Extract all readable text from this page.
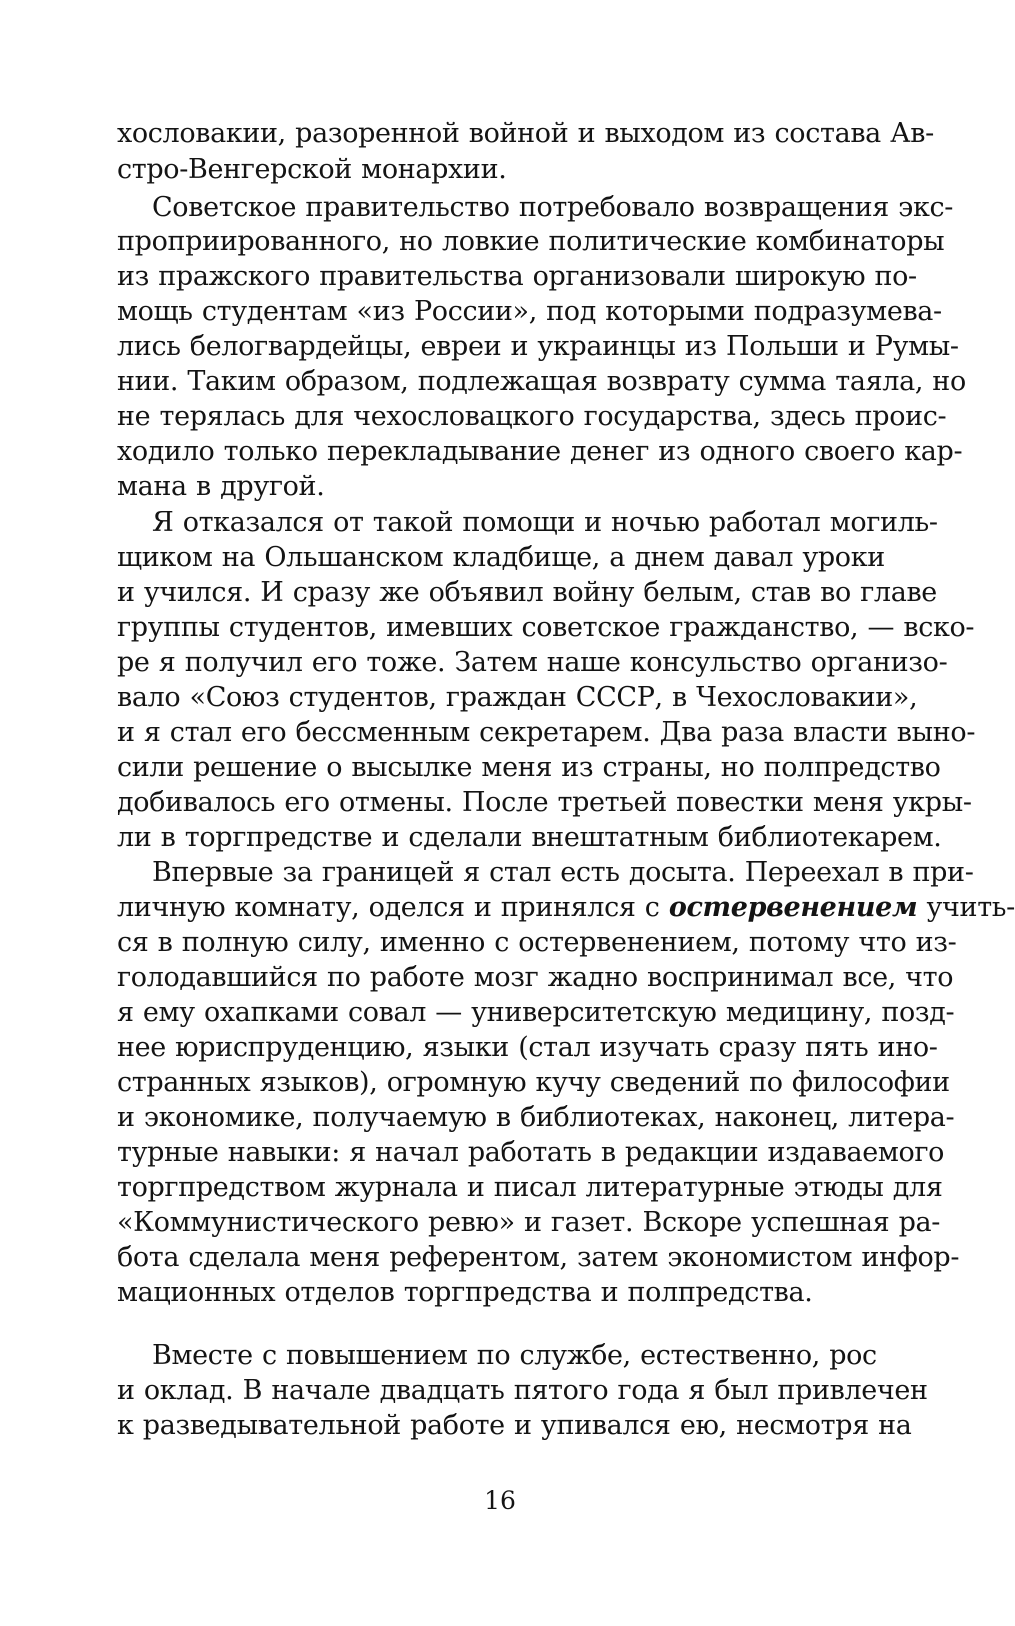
хословакии, разоренной войной и выходом из состава Ав-
стро-Венгерской монархии.
Советское правительство потребовало возвращения экс-
проприированного, но ловкие политические комбинаторы
из пражского правительства организовали широкую по-
мощь студентам «из России», под которыми подразумева-
лись белогвардейцы, евреи и украинцы из Польши и Румы-
нии. Таким образом, подлежащая возврату сумма таяла, но
не терялась для чехословацкого государства, здесь проис-
ходило только перекладывание денег из одного своего кар-
мана в другой.
Я отказался от такой помощи и ночью работал могиль-
щиком на Ольшанском кладбище, а днем давал уроки
и учился. И сразу же объявил войну белым, став во главе
группы студентов, имевших советское гражданство, — вско-
ре я получил его тоже. Затем наше консульство организо-
вало «Союз студентов, граждан СССР, в Чехословакии»,
и я стал его бессменным секретарем. Два раза власти выно-
сили решение о высылке меня из страны, но полпредство
добивалось его отмены. После третьей повестки меня укры-
ли в торгпредстве и сделали внештатным библиотекарем.
Впервые за границей я стал есть досыта. Переехал в при-
личную комнату, оделся и принялся с остервенением учить-
ся в полную силу, именно с остервенением, потому что из-
голодавшийся по работе мозг жадно воспринимал все, что
я ему охапками совал — университетскую медицину, позд-
нее юриспруденцию, языки (стал изучать сразу пять ино-
странных языков), огромную кучу сведений по философии
и экономике, получаемую в библиотеках, наконец, литера-
турные навыки: я начал работать в редакции издаваемого
торгпредством журнала и писал литературные этюды для
«Коммунистического ревю» и газет. Вскоре успешная ра-
бота сделала меня референтом, затем экономистом инфор-
мационных отделов торгпредства и полпредства.
Вместе с повышением по службе, естественно, рос
и оклад. В начале двадцать пятого года я был привлечен
к разведывательной работе и упивался ею, несмотря на
16
